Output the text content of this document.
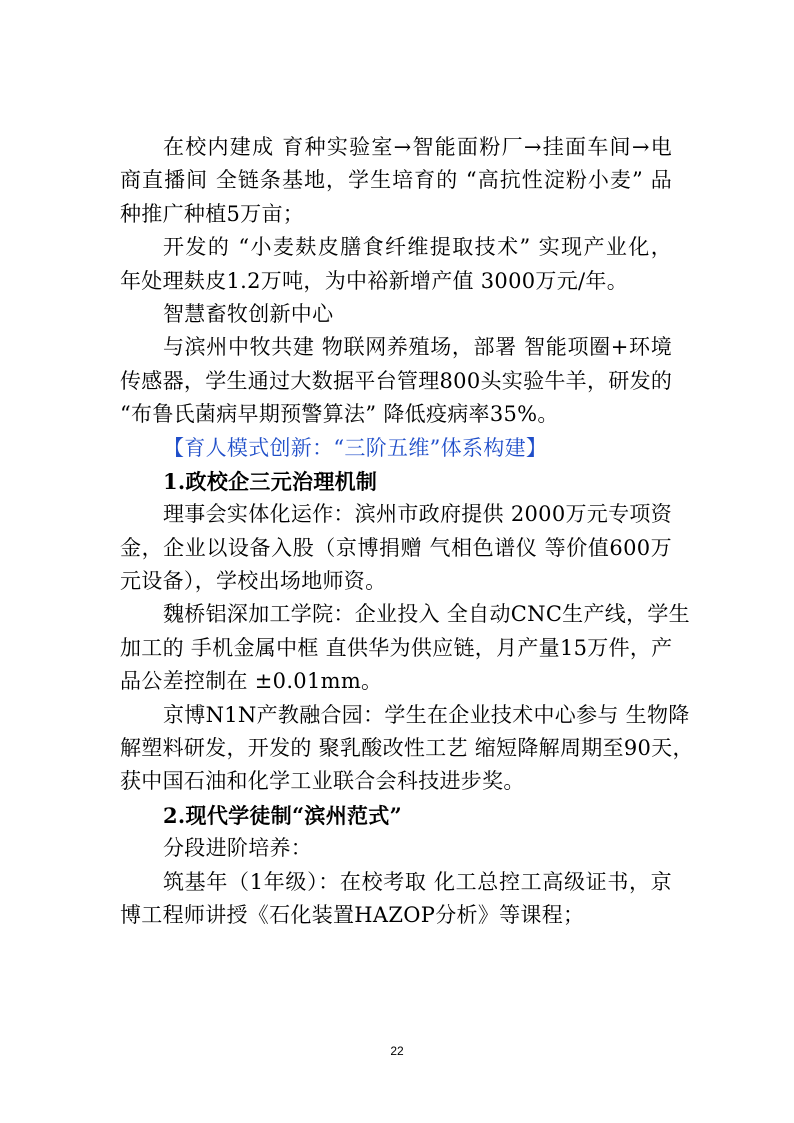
在校内建成 育种实验室→智能面粉厂→挂面车间→电
商直播间 全链条基地，学生培育的 “高抗性淀粉小麦” 品
种推广种植5万亩；
开发的 “小麦麸皮膳食纤维提取技术” 实现产业化，
年处理麸皮1.2万吨，为中裕新增产值 3000万元/年。
智慧畜牧创新中心
与滨州中牧共建 物联网养殖场，部署 智能项圈+环境
传感器，学生通过大数据平台管理800头实验牛羊，研发的
“布鲁氏菌病早期预警算法” 降低疫病率35%。
【育人模式创新：“三阶五维”体系构建】
1.政校企三元治理机制
理事会实体化运作：滨州市政府提供 2000万元专项资
金，企业以设备入股（京博捐赠 气相色谱仪 等价值600万
元设备），学校出场地师资。
魏桥铝深加工学院：企业投入 全自动CNC生产线，学生
加工的 手机金属中框 直供华为供应链，月产量15万件，产
品公差控制在 ±0.01mm。
京博N1N产教融合园：学生在企业技术中心参与 生物降
解塑料研发，开发的 聚乳酸改性工艺 缩短降解周期至90天，
获中国石油和化学工业联合会科技进步奖。
2.现代学徒制“滨州范式”
分段进阶培养：
筑基年（1年级）：在校考取 化工总控工高级证书，京
博工程师讲授《石化装置HAZOP分析》等课程；
22
